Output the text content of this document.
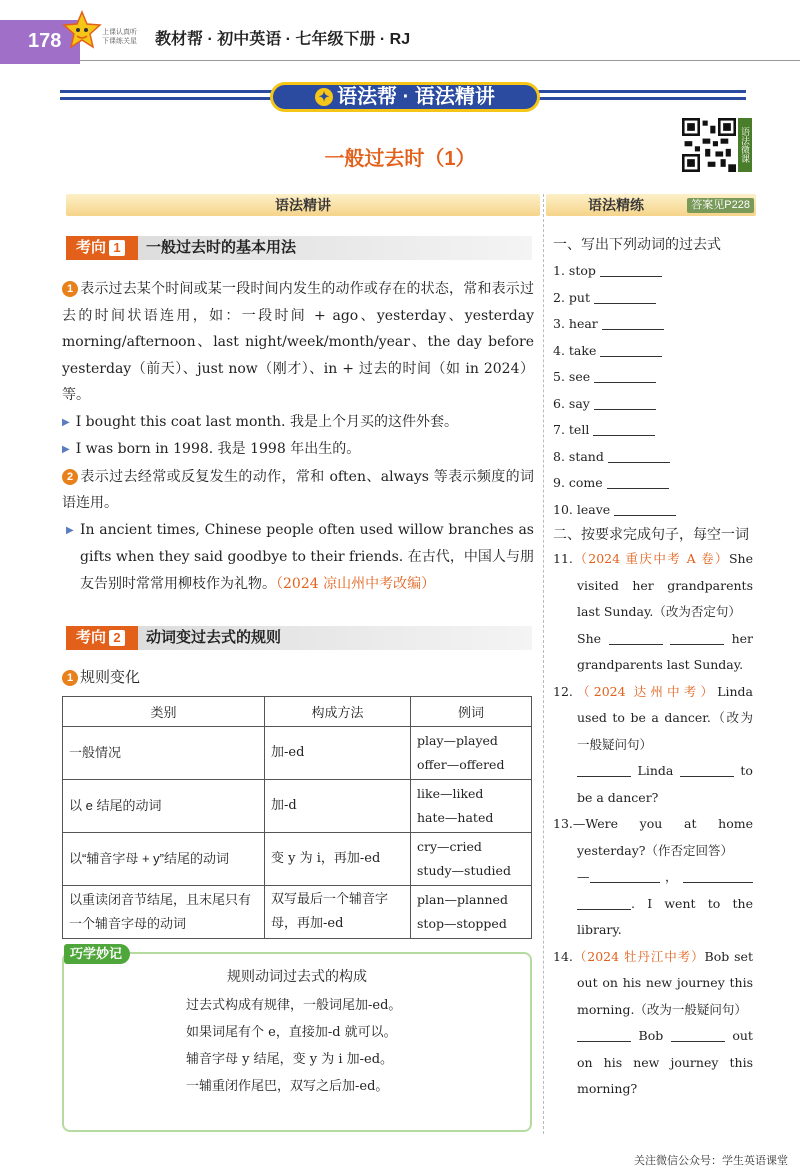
178	上课认真听 下课练关星	教材帮 · 初中英语 · 七年级下册 · RJ
✦ 语法帮 · 语法精讲
一般过去时（1）	语法微课
语法精讲	语法精练	答案见P228
考向 1	一般过去时的基本用法
1 表示过去某个时间或某一段时间内发生的动作或存在的状态，常和表示过去的时间状语连用，如：一段时间 + ago、yesterday、yesterday morning/afternoon、last night/week/month/year、the day before yesterday（前天）、just now（刚才）、in + 过去的时间（如 in 2024）等。
▶ I bought this coat last month. 我是上个月买的这件外套。
▶ I was born in 1998. 我是 1998 年出生的。
2 表示过去经常或反复发生的动作，常和 often、always 等表示频度的词语连用。
▶ In ancient times, Chinese people often used willow branches as gifts when they said goodbye to their friends. 在古代，中国人与朋友告别时常常用柳枝作为礼物。（2024 凉山州中考改编）
考向 2	动词变过去式的规则
1 规则变化
类别	构成方法	例词
一般情况	加-ed	play—played
offer—offered

以 e 结尾的动词	加-d	like—liked
hate—hated

以“辅音字母 + y”结尾的动词	变 y 为 i，再加-ed	cry—cried
study—studied

以重读闭音节结尾，且末尾只有一个辅音字母的动词	双写最后一个辅音字母，再加-ed	plan—planned
stop—stopped
巧学妙记
规则动词过去式的构成
过去式构成有规律，一般词尾加-ed。
如果词尾有个 e，直接加-d 就可以。
辅音字母 y 结尾，变 y 为 i 加-ed。
一辅重闭作尾巴，双写之后加-ed。
一、写出下列动词的过去式
1. stop
2. put
3. hear
4. take
5. see
6. say
7. tell
8. stand
9. come
10. leave
二、按要求完成句子，每空一词
11.（2024 重庆中考 A 卷）She visited her grandparents last Sunday.（改为否定句）
She	her grandparents last Sunday.
12.（2024 达州中考）Linda used to be a dancer.（改为一般疑问句）
Linda	to be a dancer?
13.—Were you at home yesterday?（作否定回答）
—	， . I went to the library.
14.（2024 牡丹江中考）Bob set out on his new journey this morning.（改为一般疑问句）
Bob	out on his new journey this morning?
关注微信公众号：学生英语课堂
